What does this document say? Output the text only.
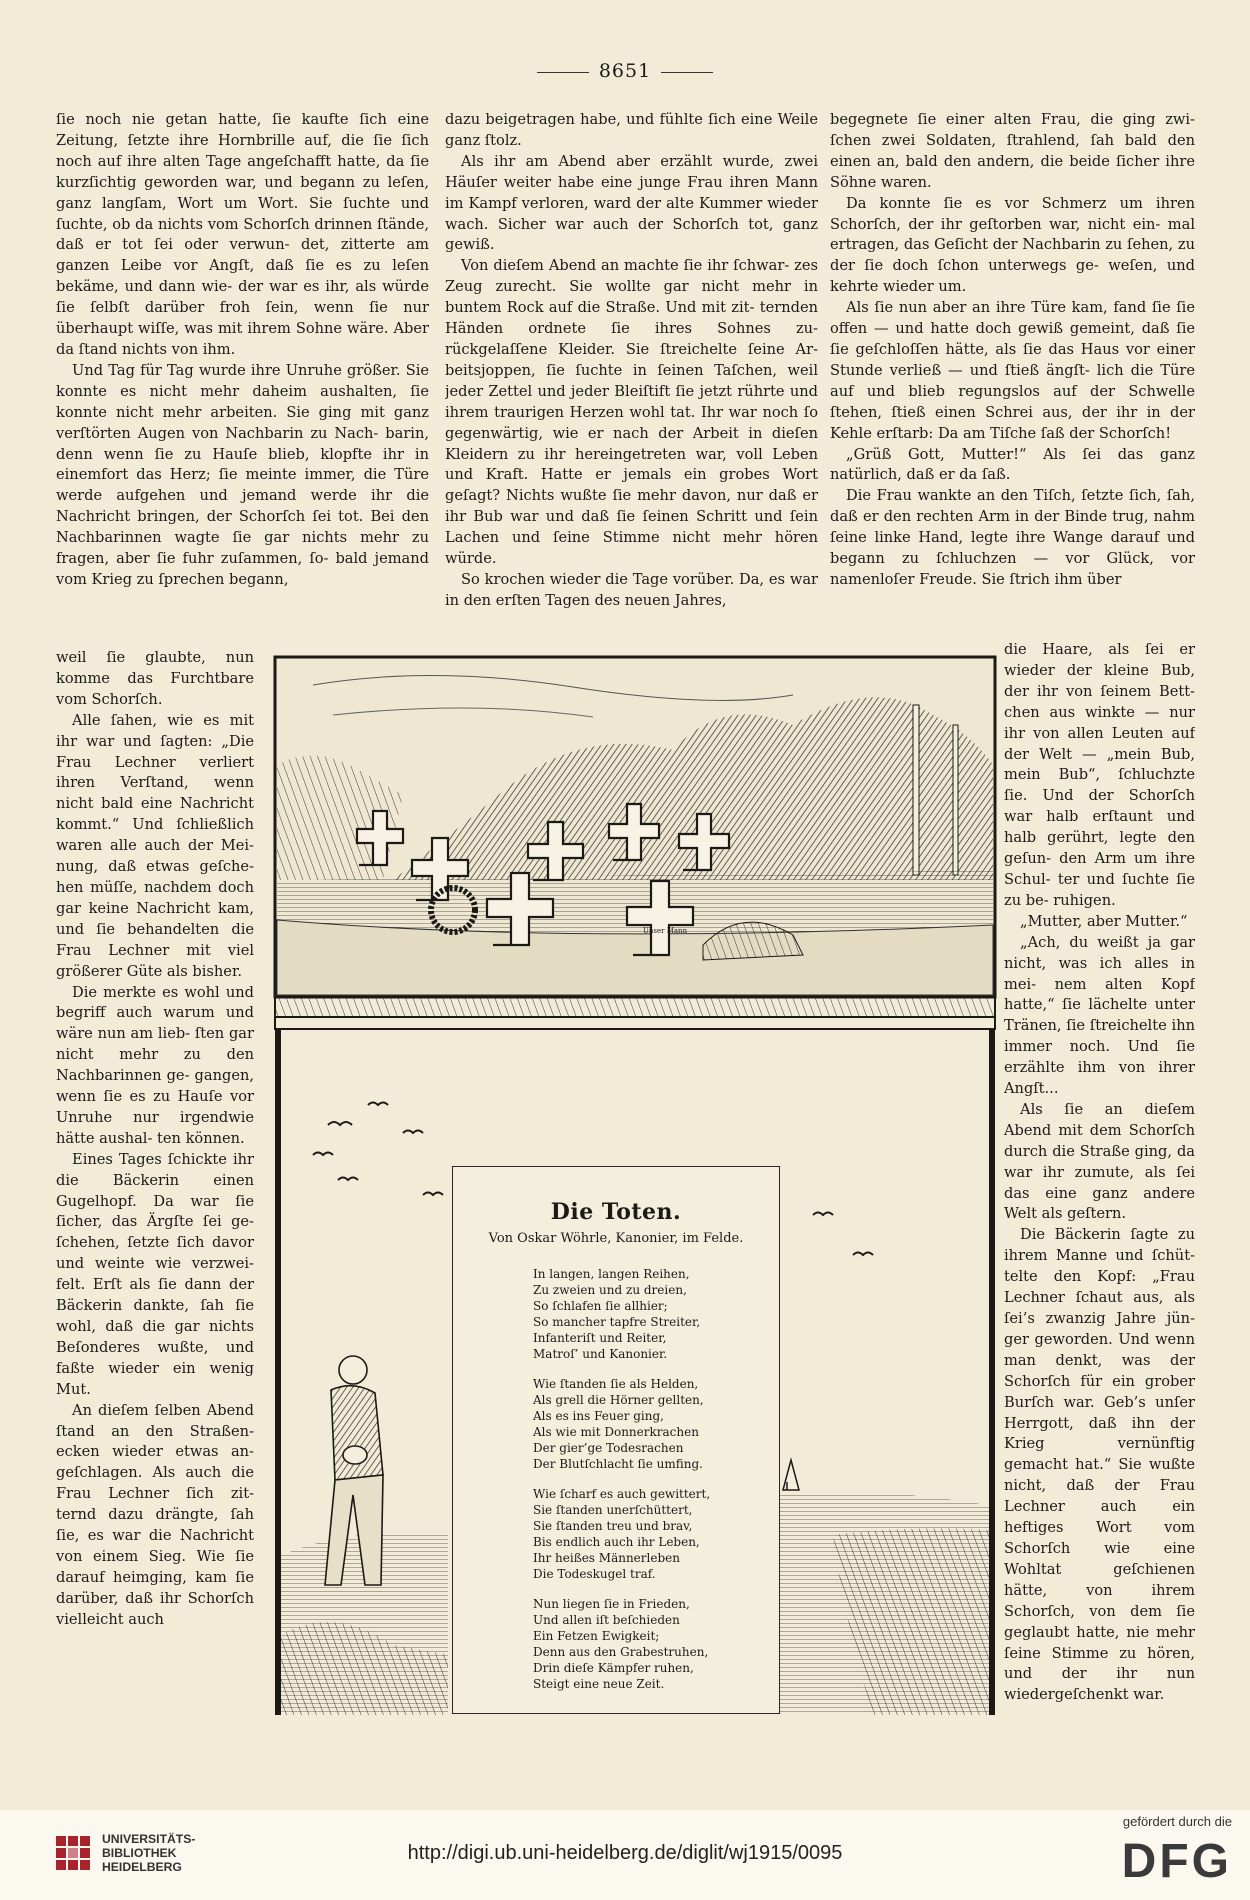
8651

ſie noch nie getan hatte, ſie kaufte ſich eine Zeitung, ſetzte ihre Hornbrille auf, die ſie ſich noch auf ihre alten Tage angeſchafft hatte, da ſie kurzſichtig geworden war, und begann zu leſen, ganz langſam, Wort um Wort. Sie ſuchte und ſuchte, ob da nichts vom Schorſch drinnen ſtände, daß er tot ſei oder verwun- det, zitterte am ganzen Leibe vor Angſt, daß ſie es zu leſen bekäme, und dann wie- der war es ihr, als würde ſie ſelbſt darüber froh ſein, wenn ſie nur überhaupt wiſſe, was mit ihrem Sohne wäre. Aber da ſtand nichts von ihm.

Und Tag für Tag wurde ihre Unruhe größer. Sie konnte es nicht mehr daheim aushalten, ſie konnte nicht mehr arbeiten. Sie ging mit ganz verſtörten Augen von Nachbarin zu Nach- barin, denn wenn ſie zu Hauſe blieb, klopfte ihr in einemfort das Herz; ſie meinte immer, die Türe werde aufgehen und jemand werde ihr die Nachricht bringen, der Schorſch ſei tot. Bei den Nachbarinnen wagte ſie gar nichts mehr zu fragen, aber ſie fuhr zuſammen, ſo- bald jemand vom Krieg zu ſprechen begann,

dazu beigetragen habe, und fühlte ſich eine Weile ganz ſtolz.

Als ihr am Abend aber erzählt wurde, zwei Häuſer weiter habe eine junge Frau ihren Mann im Kampf verloren, ward der alte Kummer wieder wach. Sicher war auch der Schorſch tot, ganz gewiß.

Von dieſem Abend an machte ſie ihr ſchwar- zes Zeug zurecht. Sie wollte gar nicht mehr in buntem Rock auf die Straße. Und mit zit- ternden Händen ordnete ſie ihres Sohnes zu- rückgelaſſene Kleider. Sie ſtreichelte ſeine Ar- beitsjoppen, ſie ſuchte in ſeinen Taſchen, weil jeder Zettel und jeder Bleiſtift ſie jetzt rührte und ihrem traurigen Herzen wohl tat. Ihr war noch ſo gegenwärtig, wie er nach der Arbeit in dieſen Kleidern zu ihr hereingetreten war, voll Leben und Kraft. Hatte er jemals ein grobes Wort geſagt? Nichts wußte ſie mehr davon, nur daß er ihr Bub war und daß ſie ſeinen Schritt und ſein Lachen und ſeine Stimme nicht mehr hören würde.

So krochen wieder die Tage vorüber. Da, es war in den erſten Tagen des neuen Jahres,

begegnete ſie einer alten Frau, die ging zwi- ſchen zwei Soldaten, ſtrahlend, ſah bald den einen an, bald den andern, die beide ſicher ihre Söhne waren.

Da konnte ſie es vor Schmerz um ihren Schorſch, der ihr geſtorben war, nicht ein- mal ertragen, das Geſicht der Nachbarin zu ſehen, zu der ſie doch ſchon unterwegs ge- weſen, und kehrte wieder um.

Als ſie nun aber an ihre Türe kam, fand ſie ſie offen — und hatte doch gewiß gemeint, daß ſie ſie geſchloſſen hätte, als ſie das Haus vor einer Stunde verließ — und ſtieß ängſt- lich die Türe auf und blieb regungslos auf der Schwelle ſtehen, ſtieß einen Schrei aus, der ihr in der Kehle erſtarb: Da am Tiſche ſaß der Schorſch!

„Grüß Gott, Mutter!“ Als ſei das ganz natürlich, daß er da ſaß.

Die Frau wankte an den Tiſch, ſetzte ſich, ſah, daß er den rechten Arm in der Binde trug, nahm ſeine linke Hand, legte ihre Wange darauf und begann zu ſchluchzen — vor Glück, vor namenloſer Freude. Sie ſtrich ihm über

weil ſie glaubte, nun komme das Furchtbare vom Schorſch.

Alle ſahen, wie es mit ihr war und ſagten: „Die Frau Lechner verliert ihren Verſtand, wenn nicht bald eine Nachricht kommt.“ Und ſchließlich waren alle auch der Mei- nung, daß etwas geſche- hen müſſe, nachdem doch gar keine Nachricht kam, und ſie behandelten die Frau Lechner mit viel größerer Güte als bisher.

Die merkte es wohl und begriff auch warum und wäre nun am lieb- ſten gar nicht mehr zu den Nachbarinnen ge- gangen, wenn ſie es zu Hauſe vor Unruhe nur irgendwie hätte aushal- ten können.

Eines Tages ſchickte ihr die Bäckerin einen Gugelhopf. Da war ſie ſicher, das Ärgſte ſei ge- ſchehen, ſetzte ſich davor und weinte wie verzwei- felt. Erſt als ſie dann der Bäckerin dankte, ſah ſie wohl, daß die gar nichts Beſonderes wußte, und faßte wieder ein wenig Mut.

An dieſem ſelben Abend ſtand an den Straßen- ecken wieder etwas an- geſchlagen. Als auch die Frau Lechner ſich zit- ternd dazu drängte, ſah ſie, es war die Nachricht von einem Sieg. Wie ſie darauf heimging, kam ſie darüber, daß ihr Schorſch vielleicht auch

die Haare, als ſei er wieder der kleine Bub, der ihr von ſeinem Bett- chen aus winkte — nur ihr von allen Leuten auf der Welt — „mein Bub, mein Bub“, ſchluchzte ſie. Und der Schorſch war halb erſtaunt und halb gerührt, legte den geſun- den Arm um ihre Schul- ter und ſuchte ſie zu be- ruhigen.

„Mutter, aber Mutter.“

„Ach, du weißt ja gar nicht, was ich alles in mei- nem alten Kopf hatte,“ ſie lächelte unter Tränen, ſie ſtreichelte ihn immer noch. Und ſie erzählte ihm von ihrer Angſt...

Als ſie an dieſem Abend mit dem Schorſch durch die Straße ging, da war ihr zumute, als ſei das eine ganz andere Welt als geſtern.

Die Bäckerin ſagte zu ihrem Manne und ſchüt- telte den Kopf: „Frau Lechner ſchaut aus, als ſei’s zwanzig Jahre jün- ger geworden. Und wenn man denkt, was der Schorſch für ein grober Burſch war. Geb’s unſer Herrgott, daß ihn der Krieg vernünftig gemacht hat.“ Sie wußte nicht, daß der Frau Lechner auch ein heftiges Wort vom Schorſch wie eine Wohltat geſchienen hätte, von ihrem Schorſch, von dem ſie geglaubt hatte, nie mehr ſeine Stimme zu hören, und der ihr nun wiedergeſchenkt war.

Unser Mann
Die Toten.
Von Oskar Wöhrle, Kanonier, im Felde.
In langen, langen Reihen,
Zu zweien und zu dreien,
So ſchlafen ſie allhier;
So mancher tapfre Streiter,
Infanteriſt und Reiter,
Matroſ’ und Kanonier.
Wie ſtanden ſie als Helden,
Als grell die Hörner gellten,
Als es ins Feuer ging,
Als wie mit Donnerkrachen
Der gier’ge Todesrachen
Der Blutſchlacht ſie umfing.
Wie ſcharf es auch gewittert,
Sie ſtanden unerſchüttert,
Sie ſtanden treu und brav,
Bis endlich auch ihr Leben,
Ihr heißes Männerleben
Die Todeskugel traf.
Nun liegen ſie in Frieden,
Und allen iſt beſchieden
Ein Fetzen Ewigkeit;
Denn aus den Grabestruhen,
Drin dieſe Kämpfer ruhen,
Steigt eine neue Zeit.
UNIVERSITÄTS-
BIBLIOTHEK
HEIDELBERG
http://digi.ub.uni-heidelberg.de/diglit/wj1915/0095
gefördert durch die
DFG
